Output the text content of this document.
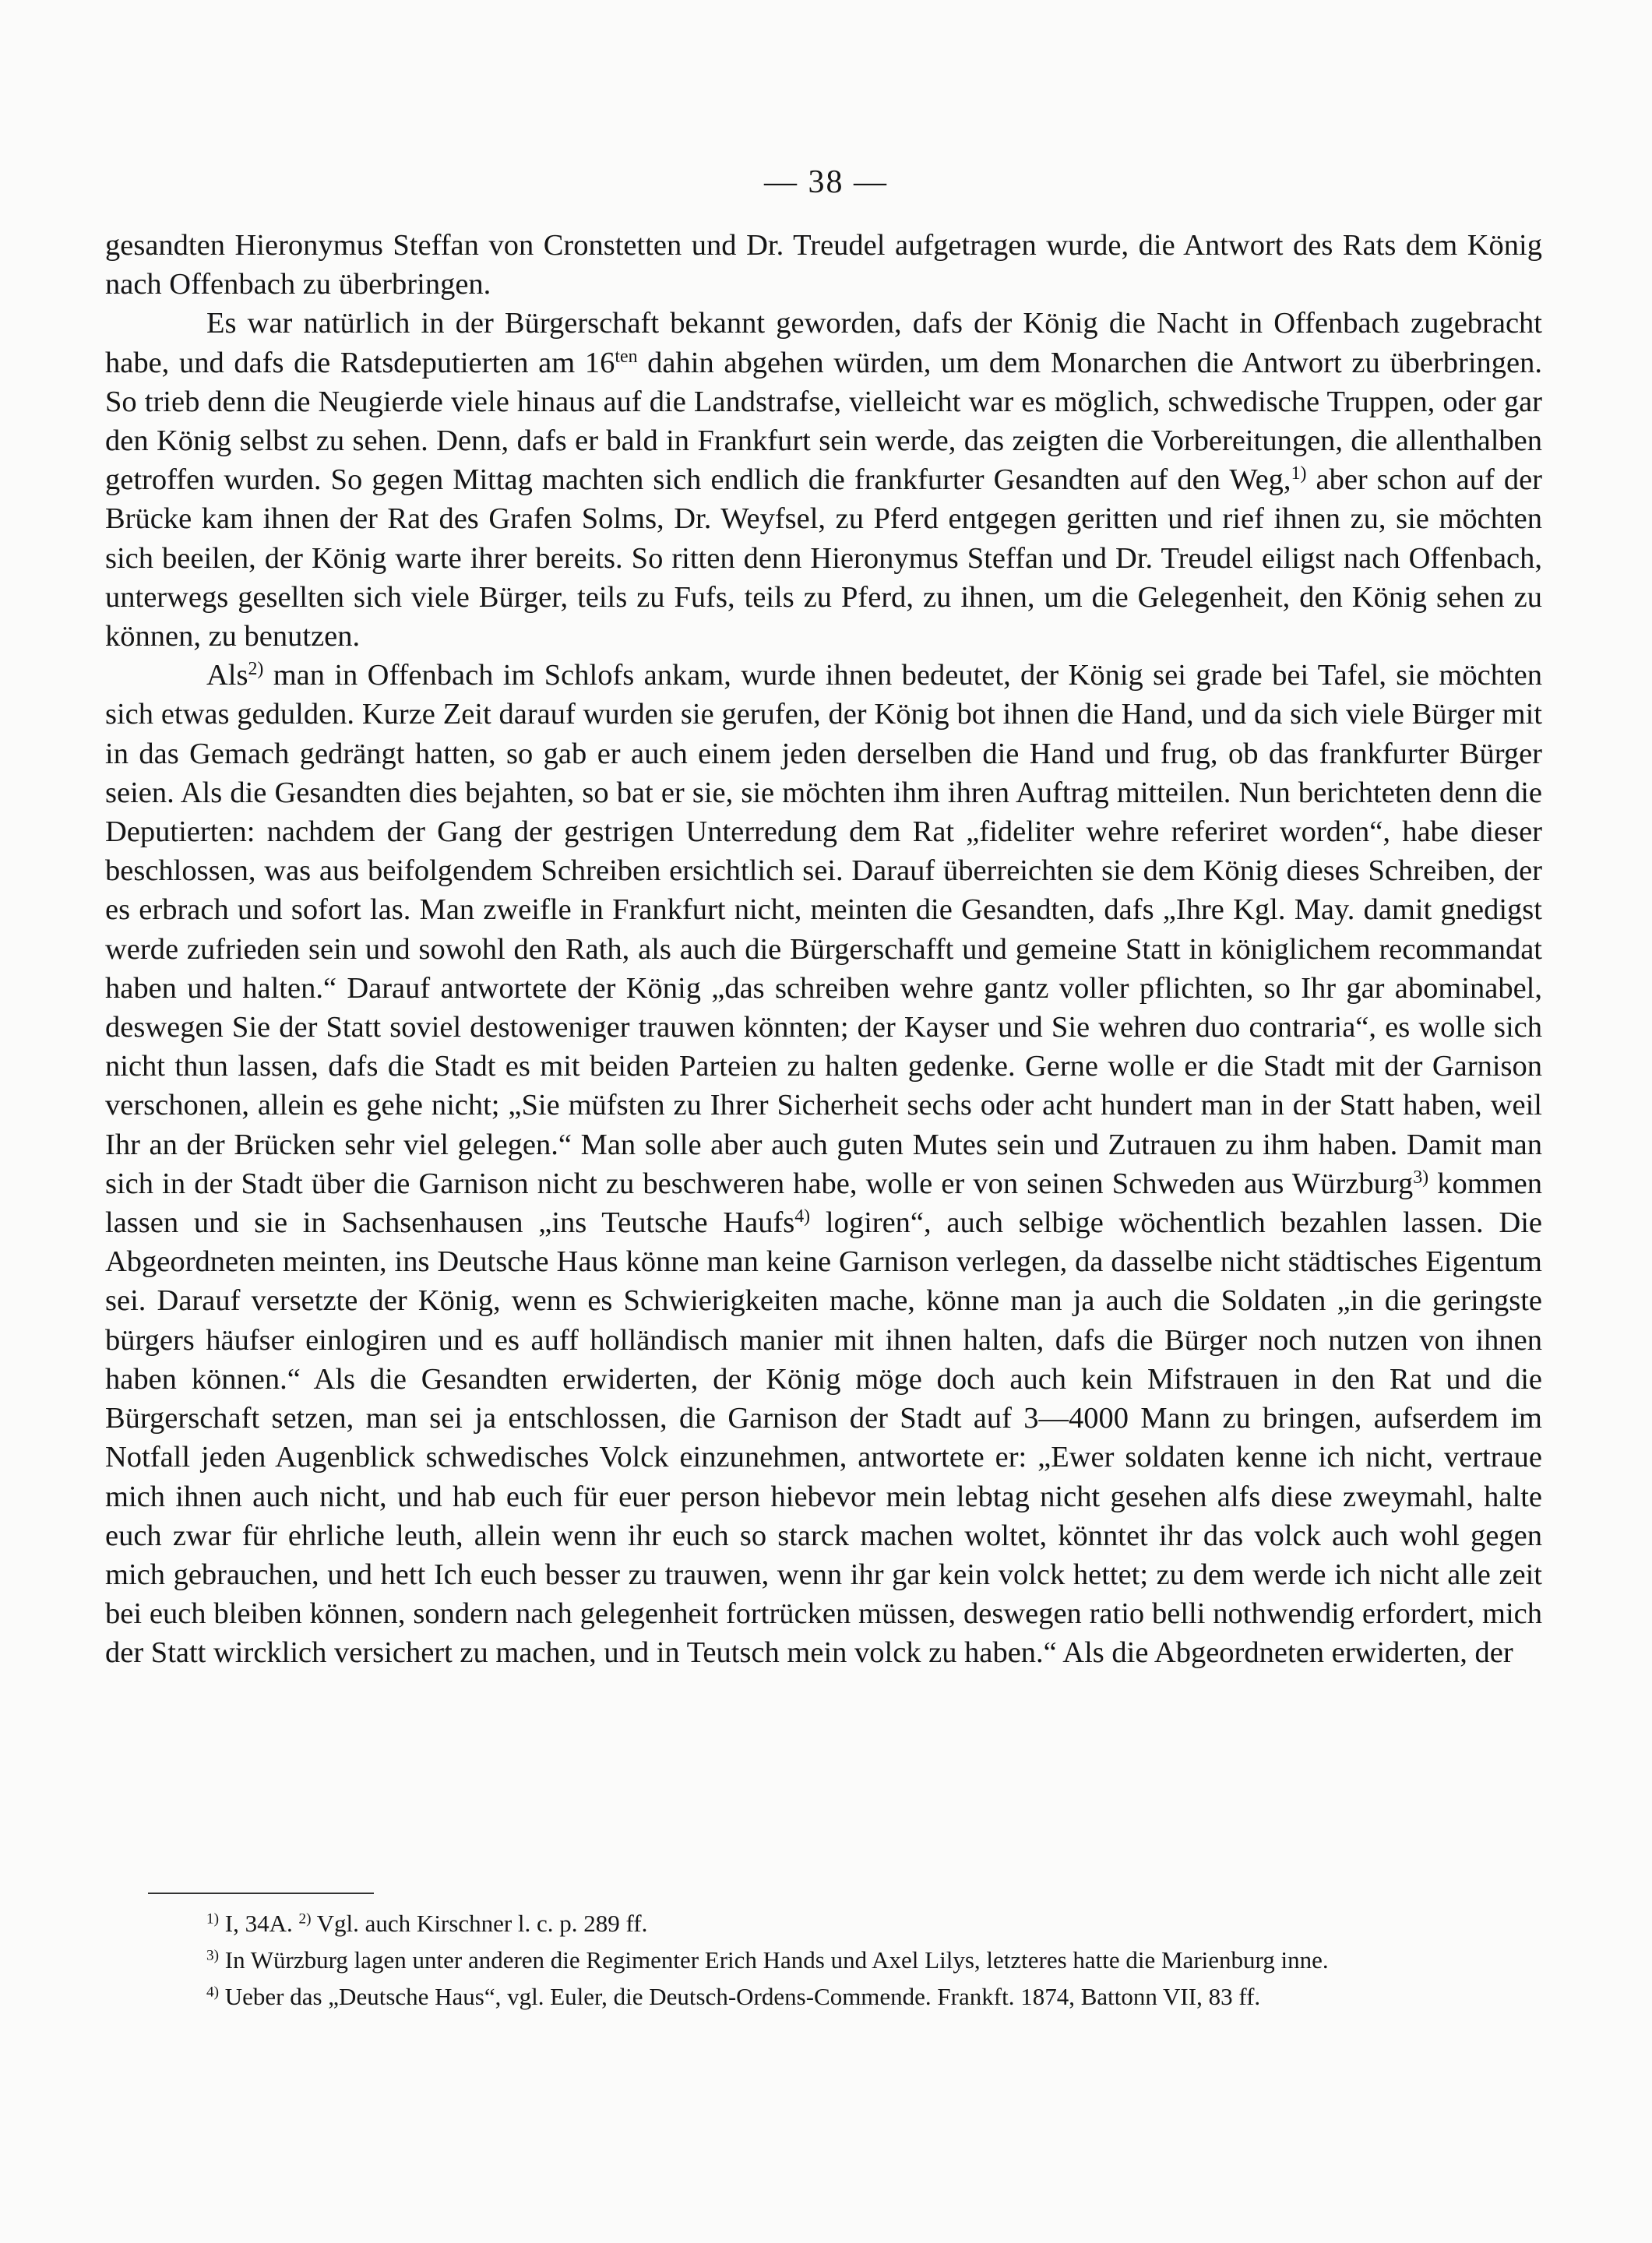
— 38 —

gesandten Hieronymus Steffan von Cronstetten und Dr. Treudel aufgetragen wurde, die Antwort des Rats dem König nach Offenbach zu überbringen.

Es war natürlich in der Bürgerschaft bekannt geworden, dafs der König die Nacht in Offenbach zugebracht habe, und dafs die Ratsdeputierten am $16^{ten}$ dahin abgehen würden, um dem Monarchen die Antwort zu überbringen. So trieb denn die Neugierde viele hinaus auf die Landstrafse, vielleicht war es möglich, schwedische Truppen, oder gar den König selbst zu sehen. Denn, dafs er bald in Frankfurt sein werde, das zeigten die Vorbereitungen, die allenthalben getroffen wurden. So gegen Mittag machten sich endlich die frankfurter Gesandten auf den Weg,$^{1)}$ aber schon auf der Brücke kam ihnen der Rat des Grafen Solms, Dr. Weyfsel, zu Pferd entgegen geritten und rief ihnen zu, sie möchten sich beeilen, der König warte ihrer bereits. So ritten denn Hieronymus Steffan und Dr. Treudel eiligst nach Offenbach, unterwegs gesellten sich viele Bürger, teils zu Fufs, teils zu Pferd, zu ihnen, um die Gelegenheit, den König sehen zu können, zu benutzen.

Als$^{2)}$ man in Offenbach im Schlofs ankam, wurde ihnen bedeutet, der König sei grade bei Tafel, sie möchten sich etwas gedulden. Kurze Zeit darauf wurden sie gerufen, der König bot ihnen die Hand, und da sich viele Bürger mit in das Gemach gedrängt hatten, so gab er auch einem jeden derselben die Hand und frug, ob das frankfurter Bürger seien. Als die Gesandten dies bejahten, so bat er sie, sie möchten ihm ihren Auftrag mitteilen. Nun berichteten denn die Deputierten: nachdem der Gang der gestrigen Unterredung dem Rat „fideliter wehre referiret worden“, habe dieser beschlossen, was aus beifolgendem Schreiben ersichtlich sei. Darauf überreichten sie dem König dieses Schreiben, der es erbrach und sofort las. Man zweifle in Frankfurt nicht, meinten die Gesandten, dafs „Ihre Kgl. May. damit gnedigst werde zufrieden sein und sowohl den Rath, als auch die Bürgerschafft und gemeine Statt in königlichem recommandat haben und halten.“ Darauf antwortete der König „das schreiben wehre gantz voller pflichten, so Ihr gar abominabel, deswegen Sie der Statt soviel destoweniger trauwen könnten; der Kayser und Sie wehren duo contraria“, es wolle sich nicht thun lassen, dafs die Stadt es mit beiden Parteien zu halten gedenke. Gerne wolle er die Stadt mit der Garnison verschonen, allein es gehe nicht; „Sie müfsten zu Ihrer Sicherheit sechs oder acht hundert man in der Statt haben, weil Ihr an der Brücken sehr viel gelegen.“ Man solle aber auch guten Mutes sein und Zutrauen zu ihm haben. Damit man sich in der Stadt über die Garnison nicht zu beschweren habe, wolle er von seinen Schweden aus Würzburg$^{3)}$ kommen lassen und sie in Sachsenhausen „ins Teutsche Haufs$^{4)}$ logiren“, auch selbige wöchentlich bezahlen lassen. Die Abgeordneten meinten, ins Deutsche Haus könne man keine Garnison verlegen, da dasselbe nicht städtisches Eigentum sei. Darauf versetzte der König, wenn es Schwierigkeiten mache, könne man ja auch die Soldaten „in die geringste bürgers häufser einlogiren und es auff holländisch manier mit ihnen halten, dafs die Bürger noch nutzen von ihnen haben können.“ Als die Gesandten erwiderten, der König möge doch auch kein Mifstrauen in den Rat und die Bürgerschaft setzen, man sei ja entschlossen, die Garnison der Stadt auf 3—4000 Mann zu bringen, aufserdem im Notfall jeden Augenblick schwedisches Volck einzunehmen, antwortete er: „Ewer soldaten kenne ich nicht, vertraue mich ihnen auch nicht, und hab euch für euer person hiebevor mein lebtag nicht gesehen alfs diese zweymahl, halte euch zwar für ehrliche leuth, allein wenn ihr euch so starck machen woltet, könntet ihr das volck auch wohl gegen mich gebrauchen, und hett Ich euch besser zu trauwen, wenn ihr gar kein volck hettet; zu dem werde ich nicht alle zeit bei euch bleiben können, sondern nach gelegenheit fortrücken müssen, deswegen ratio belli nothwendig erfordert, mich der Statt wircklich versichert zu machen, und in Teutsch mein volck zu haben.“ Als die Abgeordneten erwiderten, der

$^{1)}$ I, 34A. $^{2)}$ Vgl. auch Kirschner l. c. p. 289 ff.

$^{3)}$ In Würzburg lagen unter anderen die Regimenter Erich Hands und Axel Lilys, letzteres hatte die Marienburg inne.

$^{4)}$ Ueber das „Deutsche Haus“, vgl. Euler, die Deutsch-Ordens-Commende. Frankft. 1874, Battonn VII, 83 ff.
